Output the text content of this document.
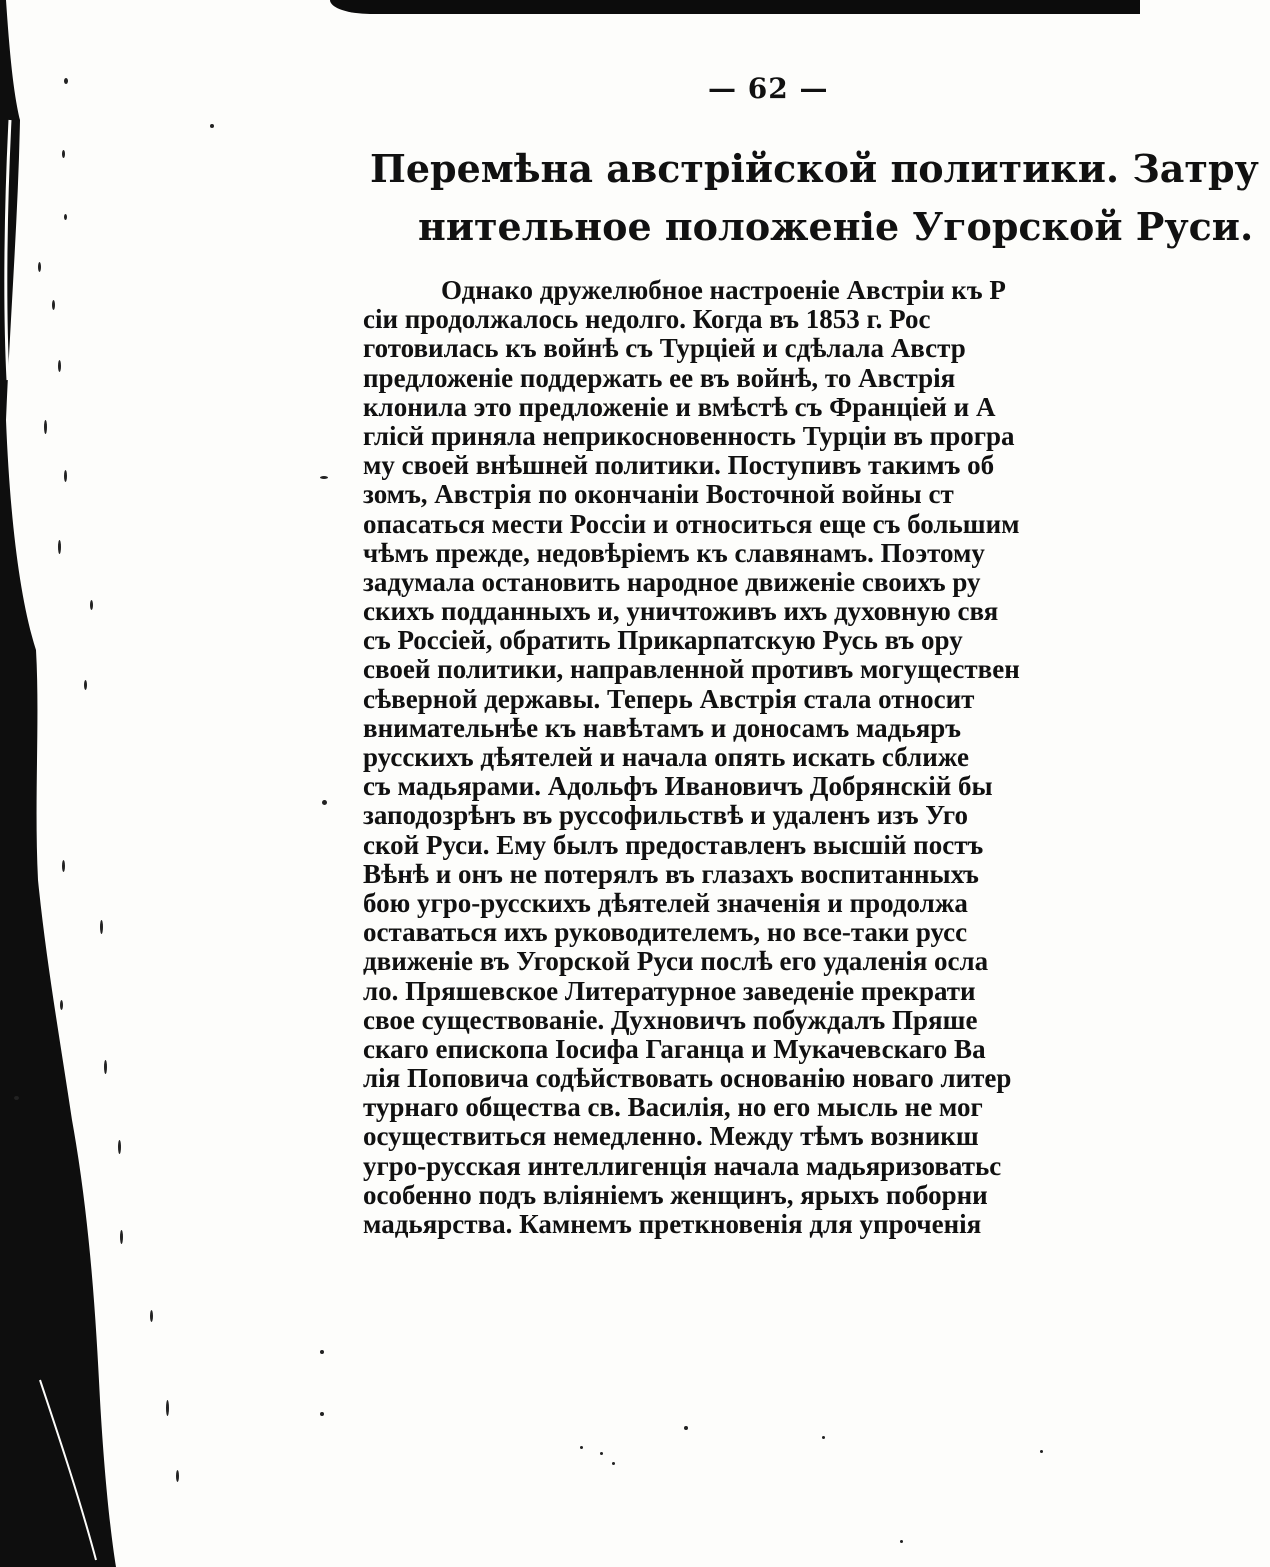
— 62 —
Перемѣна австрійской политики. Затру
нительное положеніе Угорской Руси.
Однако дружелюбное настроеніе Австріи къ Р
сіи продолжалось недолго. Когда въ 1853 г. Рос
готовилась къ войнѣ съ Турціей и сдѣлала Австр
предложеніе поддержать ее въ войнѣ, то Австрія
клонила это предложеніе и вмѣстѣ съ Франціей и А
глісй приняла неприкосновенность Турціи въ програ
му своей внѣшней политики. Поступивъ такимъ об
зомъ, Австрія по окончаніи Восточной войны ст
опасаться мести Россіи и относиться еще съ большим
чѣмъ прежде, недовѣріемъ къ славянамъ. Поэтому
задумала остановить народное движеніе своихъ ру
скихъ подданныхъ и, уничтоживъ ихъ духовную свя
съ Россіей, обратить Прикарпатскую Русь въ ору
своей политики, направленной противъ могуществен
сѣверной державы. Теперь Австрія стала относит
внимательнѣе къ навѣтамъ и доносамъ мадьяръ
русскихъ дѣятелей и начала опять искать сближе
съ мадьярами. Адольфъ Ивановичъ Добрянскій бы
заподозрѣнъ въ руссофильствѣ и удаленъ изъ Уго
ской Руси. Ему былъ предоставленъ высшій постъ
Вѣнѣ и онъ не потерялъ въ глазахъ воспитанныхъ
бою угро-русскихъ дѣятелей значенія и продолжа
оставаться ихъ руководителемъ, но все-таки русс
движеніе въ Угорской Руси послѣ его удаленія осла
ло. Пряшевское Литературное заведеніе прекрати
свое существованіе. Духновичъ побуждалъ Пряше
скаго епископа Іосифа Гаганца и Мукачевскаго Ва
лія Поповича содѣйствовать основанію новаго литер
турнаго общества св. Василія, но его мысль не мог
осуществиться немедленно. Между тѣмъ возникш
угро-русская интеллигенція начала мадьяризоватьс
особенно подъ вліяніемъ женщинъ, ярыхъ поборни
мадьярства. Камнемъ преткновенія для упроченія
